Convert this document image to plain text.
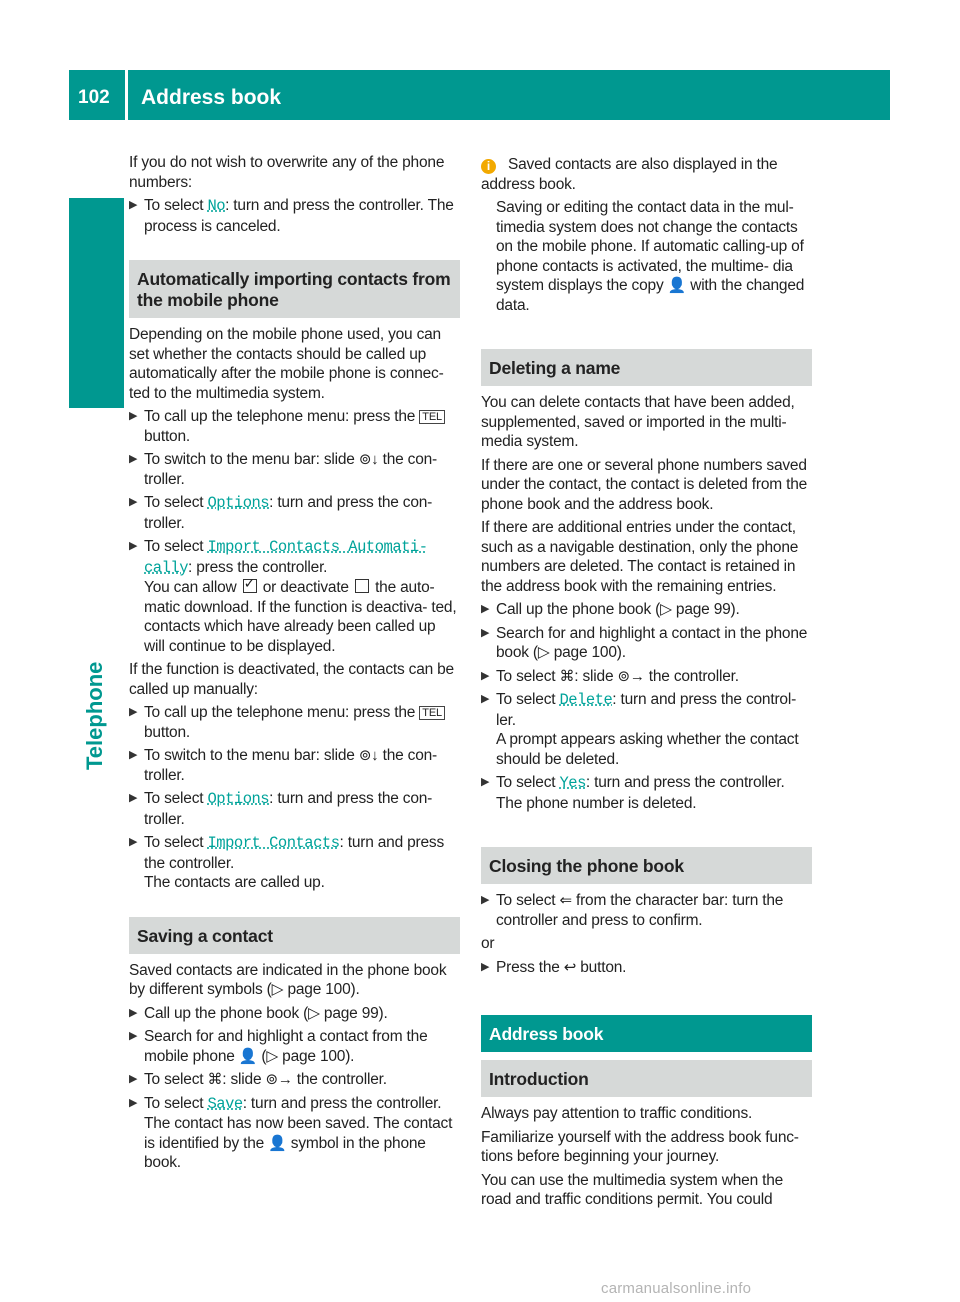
102 Address book
Telephone

If you do not wish to overwrite any of the phone numbers:

▶ To select No: turn and press the controller. The process is canceled.
Automatically importing contacts from the mobile phone

Depending on the mobile phone used, you can set whether the contacts should be called up automatically after the mobile phone is connec- ted to the multimedia system.

▶ To call up the telephone menu: press the TEL button.
▶ To switch to the menu bar: slide ⊚↓ the con- troller.
▶ To select Options: turn and press the con- troller.
▶ To select Import Contacts Automati- cally: press the controller.
You can allow ✓ or deactivate  the auto- matic download. If the function is deactiva- ted, contacts which have already been called up will continue to be displayed.

If the function is deactivated, the contacts can be called up manually:

▶ To call up the telephone menu: press the TEL button.
▶ To switch to the menu bar: slide ⊚↓ the con- troller.
▶ To select Options: turn and press the con- troller.
▶ To select Import Contacts: turn and press the controller.
The contacts are called up.
Saving a contact

Saved contacts are indicated in the phone book by different symbols (▷ page 100).

▶ Call up the phone book (▷ page 99).
▶ Search for and highlight a contact from the mobile phone 👤 (▷ page 100).
▶ To select ⌘: slide ⊚→ the controller.
▶ To select Save: turn and press the controller. The contact has now been saved. The contact is identified by the 👤 symbol in the phone book.

i Saved contacts are also displayed in the address book.

Saving or editing the contact data in the mul- timedia system does not change the contacts on the mobile phone. If automatic calling-up of phone contacts is activated, the multime- dia system displays the copy 👤 with the changed data.

Deleting a name

You can delete contacts that have been added, supplemented, saved or imported in the multi- media system.

If there are one or several phone numbers saved under the contact, the contact is deleted from the phone book and the address book.

If there are additional entries under the contact, such as a navigable destination, only the phone numbers are deleted. The contact is retained in the address book with the remaining entries.

▶ Call up the phone book (▷ page 99).
▶ Search for and highlight a contact in the phone book (▷ page 100).
▶ To select ⌘: slide ⊚→ the controller.
▶ To select Delete: turn and press the control- ler.
A prompt appears asking whether the contact should be deleted.
▶ To select Yes: turn and press the controller.
The phone number is deleted.
Closing the phone book
▶ To select ⇐ from the character bar: turn the controller and press to confirm.

or

▶ Press the ↩ button.
Address book
Introduction

Always pay attention to traffic conditions.

Familiarize yourself with the address book func- tions before beginning your journey.

You can use the multimedia system when the road and traffic conditions permit. You could

carmanualsonline.info
